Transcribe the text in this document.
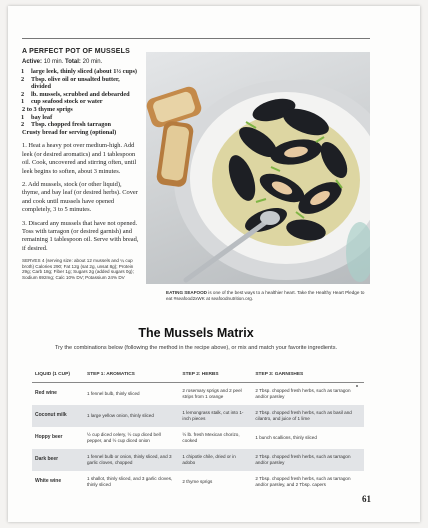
A PERFECT POT OF MUSSELS
Active: 10 min. Total: 20 min.
1 large leek, thinly sliced (about 1½ cups)
2 Tbsp. olive oil or unsalted butter, divided
2 lb. mussels, scrubbed and debearded
1 cup seafood stock or water
2 to 3 thyme sprigs
1 bay leaf
2 Tbsp. chopped fresh tarragon
Crusty bread for serving (optional)

1. Heat a heavy pot over medium-high. Add leek (or desired aromatics) and 1 tablespoon oil. Cook, uncovered and stirring often, until leek begins to soften, about 3 minutes.

2. Add mussels, stock (or other liquid), thyme, and bay leaf (or desired herbs). Cover and cook until mussels have opened completely, 3 to 5 minutes.

3. Discard any mussels that have not opened. Toss with tarragon (or desired garnish) and remaining 1 tablespoon oil. Serve with bread, if desired.

SERVES 4 (serving size: about 12 mussels and ¼ cup broth) Calories 290; Fat 12g (sat 2g, unsat 8g); Protein 29g; Carb 18g; Fiber 1g; Sugars 2g (added sugars 0g); Sodium 692mg; Calc 10% DV; Potassium 24% DV
EATING SEAFOOD is one of the best ways to a healthier heart. Take the Healthy Heart Pledge to eat #seafood2xWK at seafoodnutrition.org.
The Mussels Matrix
Try the combinations below (following the method in the recipe above), or mix and match your favorite ingredients.
LIQUID (1 CUP)	STEP 1: AROMATICS	STEP 2: HERBS	STEP 3: GARNISHES
Red wine	1 fennel bulb, thinly sliced	2 rosemary sprigs and 2 peel strips from 1 orange	2 Tbsp. chopped fresh herbs, such as tarragon and/or parsley
Coconut milk	1 large yellow onion, thinly sliced	1 lemongrass stalk, cut into 1-inch pieces	2 Tbsp. chopped fresh herbs, such as basil and cilantro, and juice of 1 lime
Hoppy beer	½ cup diced celery, ½ cup diced bell pepper, and ½ cup diced onion	½ lb. fresh Mexican chorizo, cooked	1 bunch scallions, thinly sliced
Dark beer	1 fennel bulb or onion, thinly sliced, and 3 garlic cloves, chopped	1 chipotle chile, dried or in adobo	2 Tbsp. chopped fresh herbs, such as tarragon and/or parsley
White wine	1 shallot, thinly sliced, and 3 garlic cloves, thinly sliced	2 thyme sprigs	2 Tbsp. chopped fresh herbs, such as tarragon and/or parsley, and 2 Tbsp. capers
61
